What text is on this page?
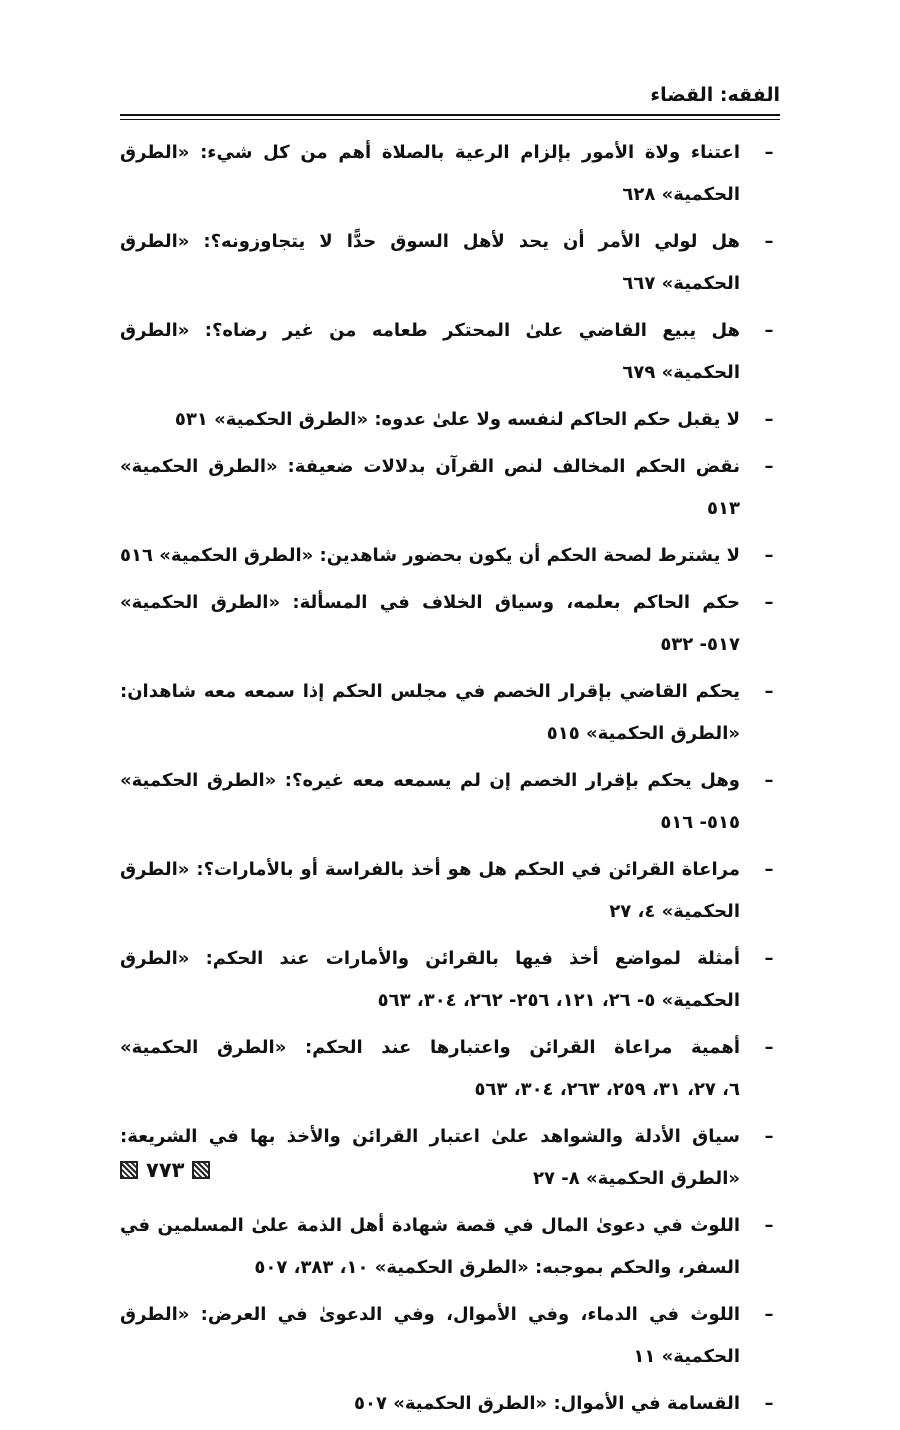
الفقه: القضاء
–
اعتناء ولاة الأمور بإلزام الرعية بالصلاة أهم من كل شيء: «الطرق الحكمية» ٦٢٨
–
هل لولي الأمر أن يحد لأهل السوق حدًّا لا يتجاوزونه؟: «الطرق الحكمية» ٦٦٧
–
هل يبيع القاضي علىٰ المحتكر طعامه من غير رضاه؟: «الطرق الحكمية» ٦٧٩
–
لا يقبل حكم الحاكم لنفسه ولا علىٰ عدوه: «الطرق الحكمية» ٥٣١
–
نقض الحكم المخالف لنص القرآن بدلالات ضعيفة: «الطرق الحكمية» ٥١٣
–
لا يشترط لصحة الحكم أن يكون بحضور شاهدين: «الطرق الحكمية» ٥١٦
–
حكم الحاكم بعلمه، وسياق الخلاف في المسألة: «الطرق الحكمية» ٥١٧- ٥٣٢
–
يحكم القاضي بإقرار الخصم في مجلس الحكم إذا سمعه معه شاهدان: «الطرق الحكمية» ٥١٥
–
وهل يحكم بإقرار الخصم إن لم يسمعه معه غيره؟: «الطرق الحكمية» ٥١٥- ٥١٦
–
مراعاة القرائن في الحكم هل هو أخذ بالفراسة أو بالأمارات؟: «الطرق الحكمية» ٤، ٢٧
–
أمثلة لمواضع أخذ فيها بالقرائن والأمارات عند الحكم: «الطرق الحكمية» ٥- ٢٦، ١٢١، ٢٥٦- ٢٦٢، ٣٠٤، ٥٦٣
–
أهمية مراعاة القرائن واعتبارها عند الحكم: «الطرق الحكمية» ٦، ٢٧، ٣١، ٢٥٩، ٢٦٣، ٣٠٤، ٥٦٣
–
سياق الأدلة والشواهد علىٰ اعتبار القرائن والأخذ بها في الشريعة: «الطرق الحكمية» ٨- ٢٧
–
اللوث في دعوىٰ المال في قصة شهادة أهل الذمة علىٰ المسلمين في السفر، والحكم بموجبه: «الطرق الحكمية» ١٠، ٣٨٣، ٥٠٧
–
اللوث في الدماء، وفي الأموال، وفي الدعوىٰ في العرض: «الطرق الحكمية» ١١
–
القسامة في الأموال: «الطرق الحكمية» ٥٠٧
٧٧٣
